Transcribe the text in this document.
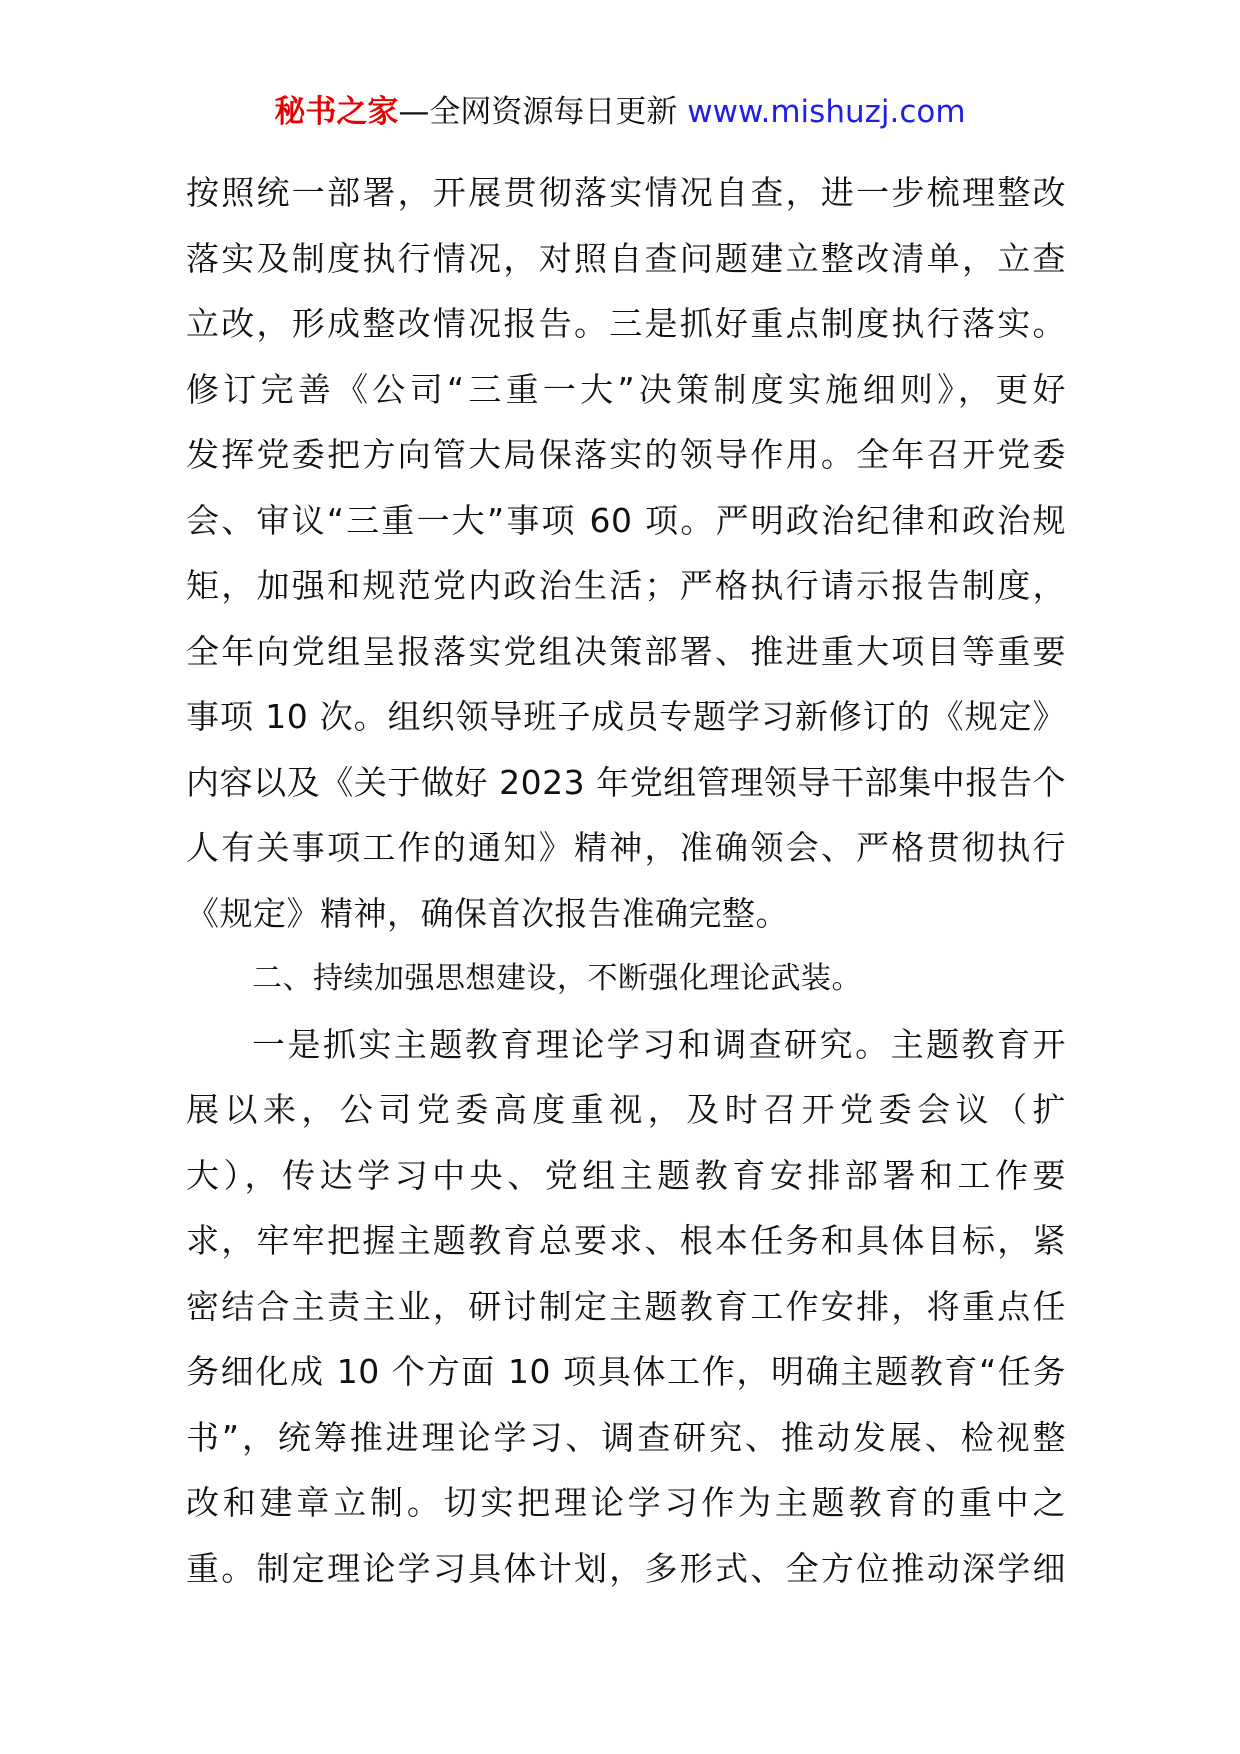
秘书之家—全网资源每日更新 www.mishuzj.com
按照统一部署，开展贯彻落实情况自查，进一步梳理整改
落实及制度执行情况，对照自查问题建立整改清单，立查
立改，形成整改情况报告。三是抓好重点制度执行落实。
修订完善《公司“三重一大”决策制度实施细则》，更好
发挥党委把方向管大局保落实的领导作用。全年召开党委
会、审议“三重一大”事项 60 项。严明政治纪律和政治规
矩，加强和规范党内政治生活；严格执行请示报告制度，
全年向党组呈报落实党组决策部署、推进重大项目等重要
事项 10 次。组织领导班子成员专题学习新修订的《规定》
内容以及《关于做好 2023 年党组管理领导干部集中报告个
人有关事项工作的通知》精神，准确领会、严格贯彻执行
《规定》精神，确保首次报告准确完整。
二、持续加强思想建设，不断强化理论武装。
一是抓实主题教育理论学习和调查研究。主题教育开
展以来，公司党委高度重视，及时召开党委会议（扩
大），传达学习中央、党组主题教育安排部署和工作要
求，牢牢把握主题教育总要求、根本任务和具体目标，紧
密结合主责主业，研讨制定主题教育工作安排，将重点任
务细化成 10 个方面 10 项具体工作，明确主题教育“任务
书”，统筹推进理论学习、调查研究、推动发展、检视整
改和建章立制。切实把理论学习作为主题教育的重中之
重。制定理论学习具体计划，多形式、全方位推动深学细
